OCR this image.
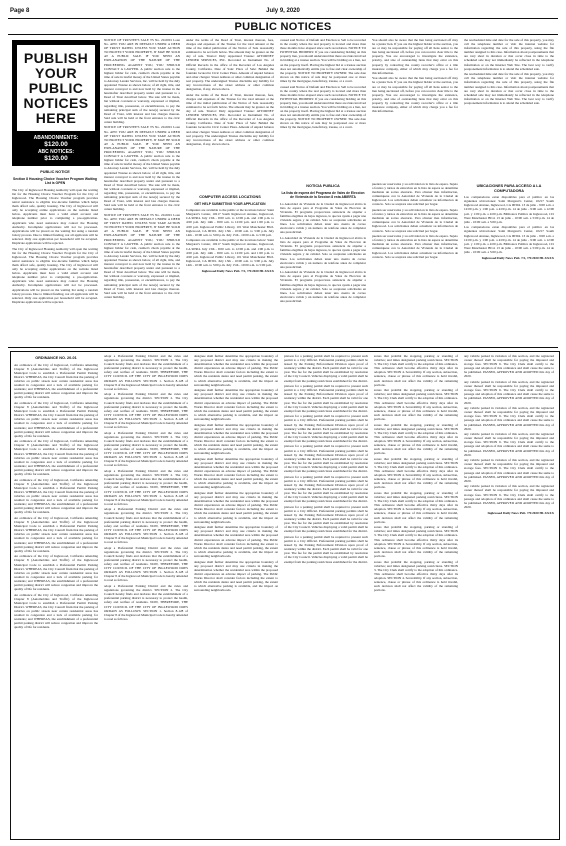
Page 8	July 9, 2020
PUBLIC NOTICES
PUBLISH
YOUR
PUBLIC
NOTICES
HERE
ABANDONMENTS:
$120.00
ABC NOTICES:
$120.00
PUBLIC NOTICE
Section 8 Housing Choice Voucher Program Waiting List is OPEN

The City of Inglewood Housing Authority will open the waiting list for the Housing Choice Voucher Program for the City of Inglewood. The Housing Choice Voucher program provides rental assistance to eligible low-income families which helps them afford safe, quality housing. The City of Inglewood will only be accepting online applications on the website listed below. Applicants must have a valid email account and telephone number prior to completing a pre-application. Applicants who need assistance may contact the Housing Authority. Incomplete applications will not be processed. Applications will be placed on the waiting list using a random lottery process. Due to limited funding, not all applicants will be selected. Only one application per household will be accepted. Duplicate applications will be rejected.

The City of Inglewood Housing Authority will open the waiting list for the Housing Choice Voucher Program for the City of Inglewood. The Housing Choice Voucher program provides rental assistance to eligible low-income families which helps them afford safe, quality housing. The City of Inglewood will only be accepting online applications on the website listed below. Applicants must have a valid email account and telephone number prior to completing a pre-application. Applicants who need assistance may contact the Housing Authority. Incomplete applications will not be processed. Applications will be placed on the waiting list using a random lottery process. Due to limited funding, not all applicants will be selected. Only one application per household will be accepted. Duplicate applications will be rejected.

NOTICE OF TRUSTEE'S SALE TS No. 20-0001 Loan No. APN: YOU ARE IN DEFAULT UNDER A DEED OF TRUST DATED. UNLESS YOU TAKE ACTION TO PROTECT YOUR PROPERTY, IT MAY BE SOLD AT A PUBLIC SALE. IF YOU NEED AN EXPLANATION OF THE NATURE OF THE PROCEEDING AGAINST YOU, YOU SHOULD CONTACT A LAWYER. A public auction sale to the highest bidder for cash, cashier's check payable at the time of sale in lawful money of the United States payable to Attorney Lender Services, Inc. will be held by the duly appointed Trustee as shown below, of all right, title, and interest conveyed to and now held by the trustee in the hereinafter described property under and pursuant to a Deed of Trust described below. The sale will be made, but without covenant or warranty, expressed or implied, regarding title, possession, or encumbrances, to pay the remaining principal sum of the note(s) secured by the Deed of Trust, with interest and late charges thereon. Said sale will be held at the front entrance to the civic center building.

NOTICE OF TRUSTEE'S SALE TS No. 20-0001 Loan No. APN: YOU ARE IN DEFAULT UNDER A DEED OF TRUST DATED. UNLESS YOU TAKE ACTION TO PROTECT YOUR PROPERTY, IT MAY BE SOLD AT A PUBLIC SALE. IF YOU NEED AN EXPLANATION OF THE NATURE OF THE PROCEEDING AGAINST YOU, YOU SHOULD CONTACT A LAWYER. A public auction sale to the highest bidder for cash, cashier's check payable at the time of sale in lawful money of the United States payable to Attorney Lender Services, Inc. will be held by the duly appointed Trustee as shown below, of all right, title, and interest conveyed to and now held by the trustee in the hereinafter described property under and pursuant to a Deed of Trust described below. The sale will be made, but without covenant or warranty, expressed or implied, regarding title, possession, or encumbrances, to pay the remaining principal sum of the note(s) secured by the Deed of Trust, with interest and late charges thereon. Said sale will be held at the front entrance to the civic center building.

NOTICE OF TRUSTEE'S SALE TS No. 20-0001 Loan No. APN: YOU ARE IN DEFAULT UNDER A DEED OF TRUST DATED. UNLESS YOU TAKE ACTION TO PROTECT YOUR PROPERTY, IT MAY BE SOLD AT A PUBLIC SALE. IF YOU NEED AN EXPLANATION OF THE NATURE OF THE PROCEEDING AGAINST YOU, YOU SHOULD CONTACT A LAWYER. A public auction sale to the highest bidder for cash, cashier's check payable at the time of sale in lawful money of the United States payable to Attorney Lender Services, Inc. will be held by the duly appointed Trustee as shown below, of all right, title, and interest conveyed to and now held by the trustee in the hereinafter described property under and pursuant to a Deed of Trust described below. The sale will be made, but without covenant or warranty, expressed or implied, regarding title, possession, or encumbrances, to pay the remaining principal sum of the note(s) secured by the Deed of Trust, with interest and late charges thereon. Said sale will be held at the front entrance to the civic center building.

under the terms of the Deed of Trust, interest thereon, fees, charges and expenses of the Trustee for the total amount at the time of the initial publication of the Notice of Sale reasonably estimated to be set forth below. The amount may be greater on the day of sale. Trustor: Duly Appointed Trustee: ATTORNEY LENDER SERVICES, INC. Recorded as Instrument No. of Official Records in the office of the Recorder of Los Angeles County, California. Date of Sale: Place of Sale: Behind the fountain located in Civic Center Plaza. Amount of unpaid balance and other charges: Street Address or other common designation of real property. The undersigned Trustee disclaims any liability for any incorrectness of the street address or other common designation, if any, shown above.

under the terms of the Deed of Trust, interest thereon, fees, charges and expenses of the Trustee for the total amount at the time of the initial publication of the Notice of Sale reasonably estimated to be set forth below. The amount may be greater on the day of sale. Trustor: Duly Appointed Trustee: ATTORNEY LENDER SERVICES, INC. Recorded as Instrument No. of Official Records in the office of the Recorder of Los Angeles County, California. Date of Sale: Place of Sale: Behind the fountain located in Civic Center Plaza. Amount of unpaid balance and other charges: Street Address or other common designation of real property. The undersigned Trustee disclaims any liability for any incorrectness of the street address or other common designation, if any, shown above.

COMPUTER ACCESS LOCATIONS
GET HELP SUBMITTING YOUR APPLICATION

Computers are available to the public at the locations below: Saint Margaret's Center, 10217 South Inglewood Avenue, Inglewood, CA 90304. July 13th - 9:00 a.m. to 12:00 p.m. and 1:00 p.m. to 4:00 p.m. July 14th - 9:00 a.m. to 12:00 p.m. and 1:00 p.m. to 4:00 p.m. Inglewood Public Library, 101 West Manchester Blvd. Inglewood, CA 90301. July 13th - 10:00 a.m. to 5:00 p.m. July 14th - 10:00 a.m. to 5:00 p.m. July 15th - 10:00 a.m. to 5:00 p.m.

Computers are available to the public at the locations below: Saint Margaret's Center, 10217 South Inglewood Avenue, Inglewood, CA 90304. July 13th - 9:00 a.m. to 12:00 p.m. and 1:00 p.m. to 4:00 p.m. July 14th - 9:00 a.m. to 12:00 p.m. and 1:00 p.m. to 4:00 p.m. Inglewood Public Library, 101 West Manchester Blvd. Inglewood, CA 90301. July 13th - 10:00 a.m. to 5:00 p.m. July 14th - 10:00 a.m. to 5:00 p.m. July 15th - 10:00 a.m. to 5:00 p.m.

Inglewood Daily News Pub. 7/2, 7/9/2020 HI-XXXX

caused said Notice of Default and Election to Sell to be recorded in the county where the real property is located and more than three months have elapsed since such recordation. NOTICE TO POTENTIAL BIDDERS: If you are considering bidding on this property lien, you should understand that there are risks involved in bidding at a trustee auction. You will be bidding on a lien, not on the property itself. Placing the highest bid at a trustee auction does not automatically entitle you to free and clear ownership of the property. NOTICE TO PROPERTY OWNER: The sale date shown on this notice of sale may be postponed one or more times by the mortgagee, beneficiary, trustee, or a court.

caused said Notice of Default and Election to Sell to be recorded in the county where the real property is located and more than three months have elapsed since such recordation. NOTICE TO POTENTIAL BIDDERS: If you are considering bidding on this property lien, you should understand that there are risks involved in bidding at a trustee auction. You will be bidding on a lien, not on the property itself. Placing the highest bid at a trustee auction does not automatically entitle you to free and clear ownership of the property. NOTICE TO PROPERTY OWNER: The sale date shown on this notice of sale may be postponed one or more times by the mortgagee, beneficiary, trustee, or a court.

NOTICIA PUBLICA
La lista de espera del Programa de Vales de Eleccion de Vivienda de la Seccion 8 esta ABIERTA

La Autoridad de Vivienda de la Ciudad de Inglewood abrira la lista de espera para el Programa de Vales de Eleccion de Vivienda. El programa proporciona asistencia de alquiler a familias elegibles de bajos ingresos, lo que les ayuda a pagar una vivienda segura y de calidad. Solo se aceptaran solicitudes en linea. Los solicitantes deben tener una cuenta de correo electronico valida y un numero de telefono antes de completar una presolicitud.

La Autoridad de Vivienda de la Ciudad de Inglewood abrira la lista de espera para el Programa de Vales de Eleccion de Vivienda. El programa proporciona asistencia de alquiler a familias elegibles de bajos ingresos, lo que les ayuda a pagar una vivienda segura y de calidad. Solo se aceptaran solicitudes en linea. Los solicitantes deben tener una cuenta de correo electronico valida y un numero de telefono antes de completar una presolicitud.

La Autoridad de Vivienda de la Ciudad de Inglewood abrira la lista de espera para el Programa de Vales de Eleccion de Vivienda. El programa proporciona asistencia de alquiler a familias elegibles de bajos ingresos, lo que les ayuda a pagar una vivienda segura y de calidad. Solo se aceptaran solicitudes en linea. Los solicitantes deben tener una cuenta de correo electronico valida y un numero de telefono antes de completar una presolicitud.

You should also be aware that the lien being auctioned off may be a junior lien. If you are the highest bidder at the auction, you are or may be responsible for paying off all liens senior to the lien being auctioned off, before you can receive clear title to the property. You are encouraged to investigate the existence, priority, and size of outstanding liens that may exist on this property by contacting the county recorder's office or a title insurance company, either of which may charge you a fee for this information.

You should also be aware that the lien being auctioned off may be a junior lien. If you are the highest bidder at the auction, you are or may be responsible for paying off all liens senior to the lien being auctioned off, before you can receive clear title to the property. You are encouraged to investigate the existence, priority, and size of outstanding liens that may exist on this property by contacting the county recorder's office or a title insurance company, either of which may charge you a fee for this information.

pueden ser reservadas y su actividad en la lista de espera. Sujeto a fondos y turnos de entrevista en la lista de espera se determina mediante un sorteo aleatorio. Para obtener mas informacion, comuniquese con la Autoridad de Vivienda de la Ciudad de Inglewood. Los solicitantes deben actualizar su informacion de contacto. Solo se aceptara una solicitud por hogar.

pueden ser reservadas y su actividad en la lista de espera. Sujeto a fondos y turnos de entrevista en la lista de espera se determina mediante un sorteo aleatorio. Para obtener mas informacion, comuniquese con la Autoridad de Vivienda de la Ciudad de Inglewood. Los solicitantes deben actualizar su informacion de contacto. Solo se aceptara una solicitud por hogar.

pueden ser reservadas y su actividad en la lista de espera. Sujeto a fondos y turnos de entrevista en la lista de espera se determina mediante un sorteo aleatorio. Para obtener mas informacion, comuniquese con la Autoridad de Vivienda de la Ciudad de Inglewood. Los solicitantes deben actualizar su informacion de contacto. Solo se aceptara una solicitud por hogar.

the rescheduled time and date for the sale of this property, you may call the telephone number or visit the internet website for information regarding the sale of this property, using the file number assigned to this case. Information about postponements that are very short in duration or that occur close in time to the scheduled sale may not immediately be reflected in the telephone information or on the Internet Web Site. The best way to verify postponement information is to attend the scheduled sale.

the rescheduled time and date for the sale of this property, you may call the telephone number or visit the internet website for information regarding the sale of this property, using the file number assigned to this case. Information about postponements that are very short in duration or that occur close in time to the scheduled sale may not immediately be reflected in the telephone information or on the Internet Web Site. The best way to verify postponement information is to attend the scheduled sale.

UBICACIONES PARA ACCESO A LA COMPUTADORA

Las computadoras estan disponibles para el publico en las siguientes ubicaciones: Saint Margaret's Center, 10217 South Inglewood Avenue, Inglewood, CA 90304. 13 de julio - 9:00 a.m. a 12:00 p.m. y 1:00 p.m. a 4:00 p.m. 14 de julio - 9:00 a.m. a 12:00 p.m. y 1:00 p.m. a 4:00 p.m. Biblioteca Publica de Inglewood, 101 West Manchester Blvd. 13 de julio - 10:00 a.m. a 5:00 p.m. 14 de julio - 10:00 a.m. a 5:00 p.m.

Las computadoras estan disponibles para el publico en las siguientes ubicaciones: Saint Margaret's Center, 10217 South Inglewood Avenue, Inglewood, CA 90304. 13 de julio - 9:00 a.m. a 12:00 p.m. y 1:00 p.m. a 4:00 p.m. 14 de julio - 9:00 a.m. a 12:00 p.m. y 1:00 p.m. a 4:00 p.m. Biblioteca Publica de Inglewood, 101 West Manchester Blvd. 13 de julio - 10:00 a.m. a 5:00 p.m. 14 de julio - 10:00 a.m. a 5:00 p.m.

Inglewood Daily News Pub. 7/2, 7/9/2020 HI-XXXX
ORDINANCE NO. 20-01

An ordinance of the City of Inglewood, California amending Chapter 8 (Automobiles and Traffic) of the Inglewood Municipal Code to establish a Preferential Permit Parking District. WHEREAS, the City Council finds that the parking of vehicles on public streets near certain residential areas has resulted in congestion and a lack of available parking for residents; and WHEREAS, the establishment of a preferential permit parking district will reduce congestion and improve the quality of life for residents.

An ordinance of the City of Inglewood, California amending Chapter 8 (Automobiles and Traffic) of the Inglewood Municipal Code to establish a Preferential Permit Parking District. WHEREAS, the City Council finds that the parking of vehicles on public streets near certain residential areas has resulted in congestion and a lack of available parking for residents; and WHEREAS, the establishment of a preferential permit parking district will reduce congestion and improve the quality of life for residents.

An ordinance of the City of Inglewood, California amending Chapter 8 (Automobiles and Traffic) of the Inglewood Municipal Code to establish a Preferential Permit Parking District. WHEREAS, the City Council finds that the parking of vehicles on public streets near certain residential areas has resulted in congestion and a lack of available parking for residents; and WHEREAS, the establishment of a preferential permit parking district will reduce congestion and improve the quality of life for residents.

An ordinance of the City of Inglewood, California amending Chapter 8 (Automobiles and Traffic) of the Inglewood Municipal Code to establish a Preferential Permit Parking District. WHEREAS, the City Council finds that the parking of vehicles on public streets near certain residential areas has resulted in congestion and a lack of available parking for residents; and WHEREAS, the establishment of a preferential permit parking district will reduce congestion and improve the quality of life for residents.

An ordinance of the City of Inglewood, California amending Chapter 8 (Automobiles and Traffic) of the Inglewood Municipal Code to establish a Preferential Permit Parking District. WHEREAS, the City Council finds that the parking of vehicles on public streets near certain residential areas has resulted in congestion and a lack of available parking for residents; and WHEREAS, the establishment of a preferential permit parking district will reduce congestion and improve the quality of life for residents.

An ordinance of the City of Inglewood, California amending Chapter 8 (Automobiles and Traffic) of the Inglewood Municipal Code to establish a Preferential Permit Parking District. WHEREAS, the City Council finds that the parking of vehicles on public streets near certain residential areas has resulted in congestion and a lack of available parking for residents; and WHEREAS, the establishment of a preferential permit parking district will reduce congestion and improve the quality of life for residents.

An ordinance of the City of Inglewood, California amending Chapter 8 (Automobiles and Traffic) of the Inglewood Municipal Code to establish a Preferential Permit Parking District. WHEREAS, the City Council finds that the parking of vehicles on public streets near certain residential areas has resulted in congestion and a lack of available parking for residents; and WHEREAS, the establishment of a preferential permit parking district will reduce congestion and improve the quality of life for residents.

adopt a Preferential Parking District and the rules and regulations governing the district. SECTION 2. The City Council hereby finds and declares that the establishment of a preferential parking district is necessary to protect the health, safety and welfare of residents. NOW, THEREFORE, THE CITY COUNCIL OF THE CITY OF INGLEWOOD DOES ORDAIN AS FOLLOWS: SECTION 1. Section 8-128 of Chapter 8 of the Inglewood Municipal Code is hereby amended to read as follows.

adopt a Preferential Parking District and the rules and regulations governing the district. SECTION 2. The City Council hereby finds and declares that the establishment of a preferential parking district is necessary to protect the health, safety and welfare of residents. NOW, THEREFORE, THE CITY COUNCIL OF THE CITY OF INGLEWOOD DOES ORDAIN AS FOLLOWS: SECTION 1. Section 8-128 of Chapter 8 of the Inglewood Municipal Code is hereby amended to read as follows.

adopt a Preferential Parking District and the rules and regulations governing the district. SECTION 2. The City Council hereby finds and declares that the establishment of a preferential parking district is necessary to protect the health, safety and welfare of residents. NOW, THEREFORE, THE CITY COUNCIL OF THE CITY OF INGLEWOOD DOES ORDAIN AS FOLLOWS: SECTION 1. Section 8-128 of Chapter 8 of the Inglewood Municipal Code is hereby amended to read as follows.

adopt a Preferential Parking District and the rules and regulations governing the district. SECTION 2. The City Council hereby finds and declares that the establishment of a preferential parking district is necessary to protect the health, safety and welfare of residents. NOW, THEREFORE, THE CITY COUNCIL OF THE CITY OF INGLEWOOD DOES ORDAIN AS FOLLOWS: SECTION 1. Section 8-128 of Chapter 8 of the Inglewood Municipal Code is hereby amended to read as follows.

adopt a Preferential Parking District and the rules and regulations governing the district. SECTION 2. The City Council hereby finds and declares that the establishment of a preferential parking district is necessary to protect the health, safety and welfare of residents. NOW, THEREFORE, THE CITY COUNCIL OF THE CITY OF INGLEWOOD DOES ORDAIN AS FOLLOWS: SECTION 1. Section 8-128 of Chapter 8 of the Inglewood Municipal Code is hereby amended to read as follows.

adopt a Preferential Parking District and the rules and regulations governing the district. SECTION 2. The City Council hereby finds and declares that the establishment of a preferential parking district is necessary to protect the health, safety and welfare of residents. NOW, THEREFORE, THE CITY COUNCIL OF THE CITY OF INGLEWOOD DOES ORDAIN AS FOLLOWS: SECTION 1. Section 8-128 of Chapter 8 of the Inglewood Municipal Code is hereby amended to read as follows.

adopt a Preferential Parking District and the rules and regulations governing the district. SECTION 2. The City Council hereby finds and declares that the establishment of a preferential parking district is necessary to protect the health, safety and welfare of residents. NOW, THEREFORE, THE CITY COUNCIL OF THE CITY OF INGLEWOOD DOES ORDAIN AS FOLLOWS: SECTION 1. Section 8-128 of Chapter 8 of the Inglewood Municipal Code is hereby amended to read as follows.

designee shall further determine the appropriate boundary of any proposed district and may use criteria in making the determination whether the residential area within the proposed district experiences an adverse impact of parking. The Public Works Director shall consider factors including the extent to which the residents desire and need permit parking, the extent to which alternative parking is available, and the impact on surrounding neighborhoods.

designee shall further determine the appropriate boundary of any proposed district and may use criteria in making the determination whether the residential area within the proposed district experiences an adverse impact of parking. The Public Works Director shall consider factors including the extent to which the residents desire and need permit parking, the extent to which alternative parking is available, and the impact on surrounding neighborhoods.

designee shall further determine the appropriate boundary of any proposed district and may use criteria in making the determination whether the residential area within the proposed district experiences an adverse impact of parking. The Public Works Director shall consider factors including the extent to which the residents desire and need permit parking, the extent to which alternative parking is available, and the impact on surrounding neighborhoods.

designee shall further determine the appropriate boundary of any proposed district and may use criteria in making the determination whether the residential area within the proposed district experiences an adverse impact of parking. The Public Works Director shall consider factors including the extent to which the residents desire and need permit parking, the extent to which alternative parking is available, and the impact on surrounding neighborhoods.

designee shall further determine the appropriate boundary of any proposed district and may use criteria in making the determination whether the residential area within the proposed district experiences an adverse impact of parking. The Public Works Director shall consider factors including the extent to which the residents desire and need permit parking, the extent to which alternative parking is available, and the impact on surrounding neighborhoods.

designee shall further determine the appropriate boundary of any proposed district and may use criteria in making the determination whether the residential area within the proposed district experiences an adverse impact of parking. The Public Works Director shall consider factors including the extent to which the residents desire and need permit parking, the extent to which alternative parking is available, and the impact on surrounding neighborhoods.

designee shall further determine the appropriate boundary of any proposed district and may use criteria in making the determination whether the residential area within the proposed district experiences an adverse impact of parking. The Public Works Director shall consider factors including the extent to which the residents desire and need permit parking, the extent to which alternative parking is available, and the impact on surrounding neighborhoods.

platoon for a parking permit shall be required to present such permit to a City Official. Preferential parking permits shall be issued by the Parking Enforcement Division upon proof of residency within the district. Each permit shall be valid for one year. The fee for the permit shall be established by resolution of the City Council. Vehicles displaying a valid permit shall be exempt from the parking restrictions established for the district.

platoon for a parking permit shall be required to present such permit to a City Official. Preferential parking permits shall be issued by the Parking Enforcement Division upon proof of residency within the district. Each permit shall be valid for one year. The fee for the permit shall be established by resolution of the City Council. Vehicles displaying a valid permit shall be exempt from the parking restrictions established for the district.

platoon for a parking permit shall be required to present such permit to a City Official. Preferential parking permits shall be issued by the Parking Enforcement Division upon proof of residency within the district. Each permit shall be valid for one year. The fee for the permit shall be established by resolution of the City Council. Vehicles displaying a valid permit shall be exempt from the parking restrictions established for the district.

platoon for a parking permit shall be required to present such permit to a City Official. Preferential parking permits shall be issued by the Parking Enforcement Division upon proof of residency within the district. Each permit shall be valid for one year. The fee for the permit shall be established by resolution of the City Council. Vehicles displaying a valid permit shall be exempt from the parking restrictions established for the district.

platoon for a parking permit shall be required to present such permit to a City Official. Preferential parking permits shall be issued by the Parking Enforcement Division upon proof of residency within the district. Each permit shall be valid for one year. The fee for the permit shall be established by resolution of the City Council. Vehicles displaying a valid permit shall be exempt from the parking restrictions established for the district.

platoon for a parking permit shall be required to present such permit to a City Official. Preferential parking permits shall be issued by the Parking Enforcement Division upon proof of residency within the district. Each permit shall be valid for one year. The fee for the permit shall be established by resolution of the City Council. Vehicles displaying a valid permit shall be exempt from the parking restrictions established for the district.

platoon for a parking permit shall be required to present such permit to a City Official. Preferential parking permits shall be issued by the Parking Enforcement Division upon proof of residency within the district. Each permit shall be valid for one year. The fee for the permit shall be established by resolution of the City Council. Vehicles displaying a valid permit shall be exempt from the parking restrictions established for the district.

zones that prohibit the stopping, parking or standing of vehicles; and times designated parking restrictions. SECTION 3. The City Clerk shall certify to the adoption of this ordinance. This ordinance shall become effective thirty days after its adoption. SECTION 4. Severability. If any section, subsection, sentence, clause or phrase of this ordinance is held invalid, such decision shall not affect the validity of the remaining portions.

zones that prohibit the stopping, parking or standing of vehicles; and times designated parking restrictions. SECTION 3. The City Clerk shall certify to the adoption of this ordinance. This ordinance shall become effective thirty days after its adoption. SECTION 4. Severability. If any section, subsection, sentence, clause or phrase of this ordinance is held invalid, such decision shall not affect the validity of the remaining portions.

zones that prohibit the stopping, parking or standing of vehicles; and times designated parking restrictions. SECTION 3. The City Clerk shall certify to the adoption of this ordinance. This ordinance shall become effective thirty days after its adoption. SECTION 4. Severability. If any section, subsection, sentence, clause or phrase of this ordinance is held invalid, such decision shall not affect the validity of the remaining portions.

zones that prohibit the stopping, parking or standing of vehicles; and times designated parking restrictions. SECTION 3. The City Clerk shall certify to the adoption of this ordinance. This ordinance shall become effective thirty days after its adoption. SECTION 4. Severability. If any section, subsection, sentence, clause or phrase of this ordinance is held invalid, such decision shall not affect the validity of the remaining portions.

zones that prohibit the stopping, parking or standing of vehicles; and times designated parking restrictions. SECTION 3. The City Clerk shall certify to the adoption of this ordinance. This ordinance shall become effective thirty days after its adoption. SECTION 4. Severability. If any section, subsection, sentence, clause or phrase of this ordinance is held invalid, such decision shall not affect the validity of the remaining portions.

zones that prohibit the stopping, parking or standing of vehicles; and times designated parking restrictions. SECTION 3. The City Clerk shall certify to the adoption of this ordinance. This ordinance shall become effective thirty days after its adoption. SECTION 4. Severability. If any section, subsection, sentence, clause or phrase of this ordinance is held invalid, such decision shall not affect the validity of the remaining portions.

zones that prohibit the stopping, parking or standing of vehicles; and times designated parking restrictions. SECTION 3. The City Clerk shall certify to the adoption of this ordinance. This ordinance shall become effective thirty days after its adoption. SECTION 4. Severability. If any section, subsection, sentence, clause or phrase of this ordinance is held invalid, such decision shall not affect the validity of the remaining portions.

any vehicle parked in violation of this section, and the registered owner thereof shall be responsible for paying the impound and storage fees. SECTION 6. The City Clerk shall certify to the passage and adoption of this ordinance and shall cause the same to be published. PASSED, APPROVED AND ADOPTED this day of 2020.

any vehicle parked in violation of this section, and the registered owner thereof shall be responsible for paying the impound and storage fees. SECTION 6. The City Clerk shall certify to the passage and adoption of this ordinance and shall cause the same to be published. PASSED, APPROVED AND ADOPTED this day of 2020.

any vehicle parked in violation of this section, and the registered owner thereof shall be responsible for paying the impound and storage fees. SECTION 6. The City Clerk shall certify to the passage and adoption of this ordinance and shall cause the same to be published. PASSED, APPROVED AND ADOPTED this day of 2020.

any vehicle parked in violation of this section, and the registered owner thereof shall be responsible for paying the impound and storage fees. SECTION 6. The City Clerk shall certify to the passage and adoption of this ordinance and shall cause the same to be published. PASSED, APPROVED AND ADOPTED this day of 2020.

any vehicle parked in violation of this section, and the registered owner thereof shall be responsible for paying the impound and storage fees. SECTION 6. The City Clerk shall certify to the passage and adoption of this ordinance and shall cause the same to be published. PASSED, APPROVED AND ADOPTED this day of 2020.

any vehicle parked in violation of this section, and the registered owner thereof shall be responsible for paying the impound and storage fees. SECTION 6. The City Clerk shall certify to the passage and adoption of this ordinance and shall cause the same to be published. PASSED, APPROVED AND ADOPTED this day of 2020.

Inglewood Daily News Pub. 7/9/2020 HI-XXXX
